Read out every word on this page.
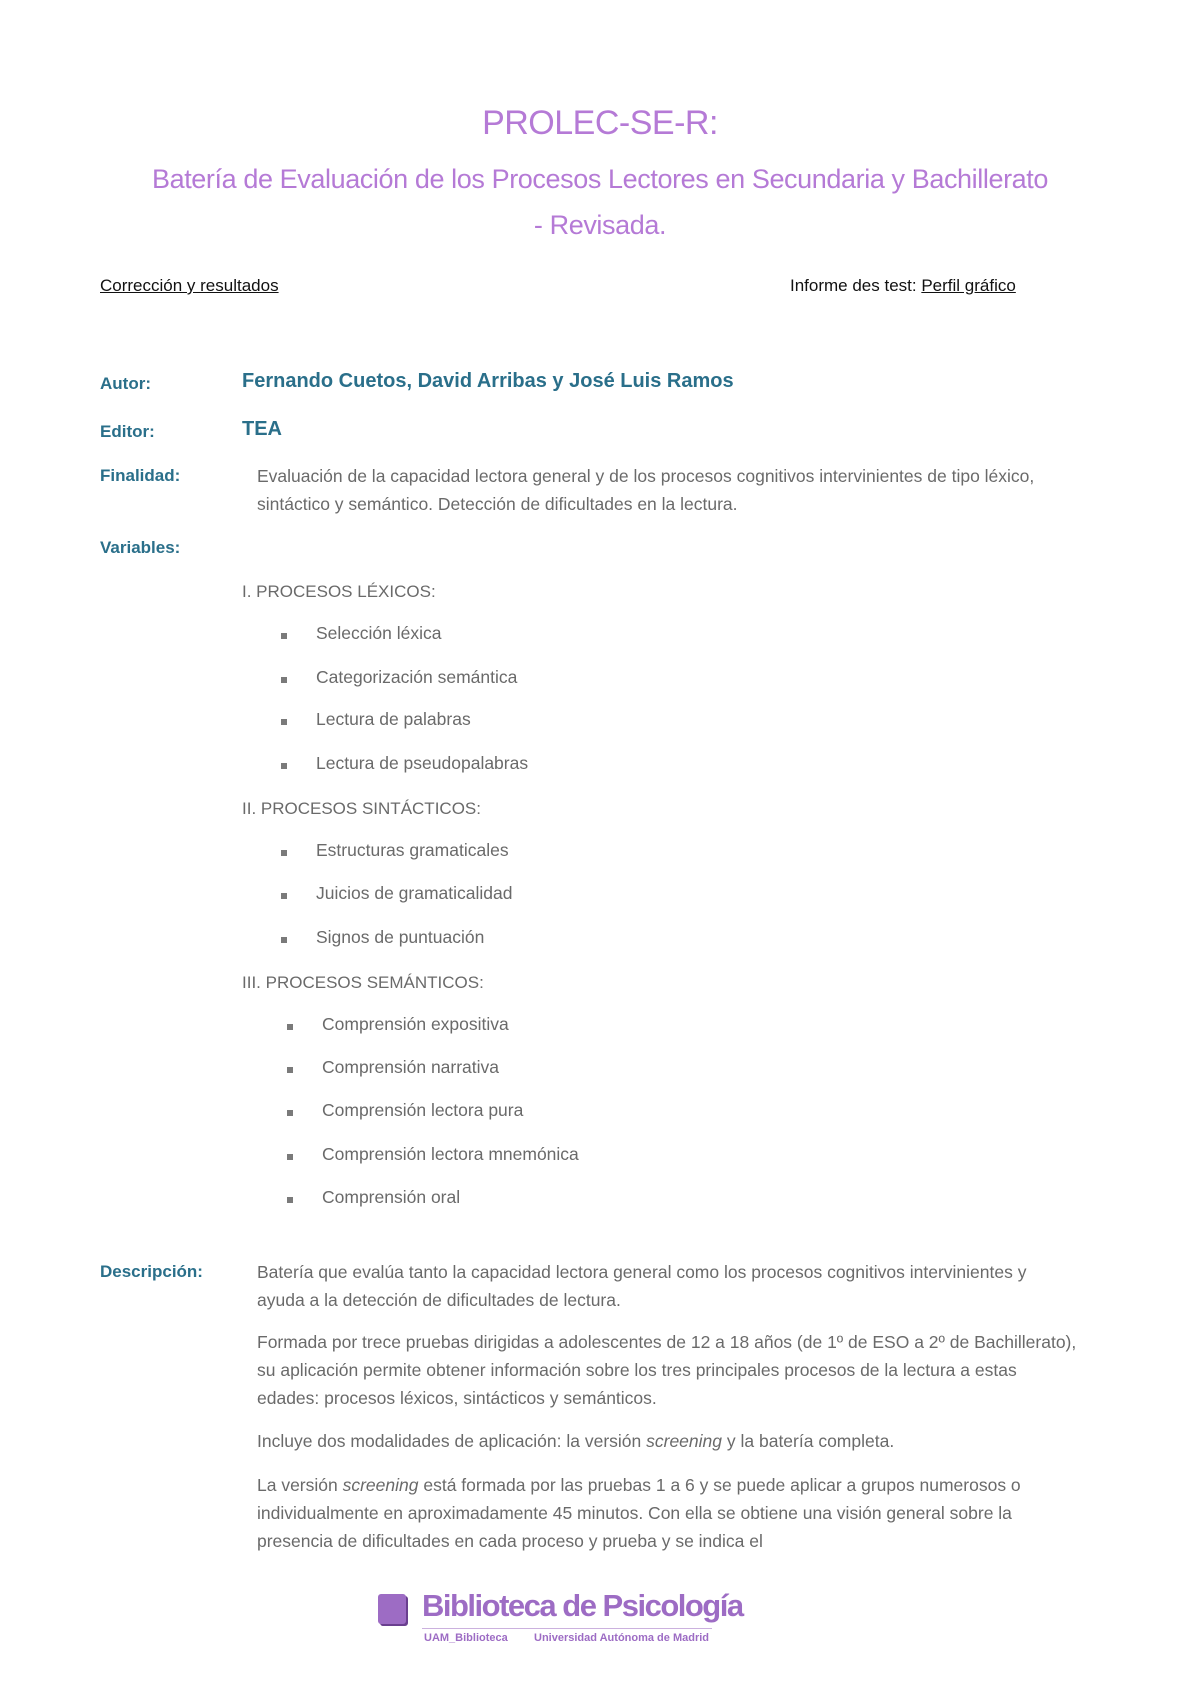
PROLEC-SE-R:
Batería de Evaluación de los Procesos Lectores en Secundaria y Bachillerato
- Revisada.
Corrección y resultados	Informe des test: Perfil gráfico
Autor:	Fernando Cuetos, David Arribas y José Luis Ramos
Editor:	TEA
Finalidad:	Evaluación de la capacidad lectora general y de los procesos cognitivos intervinientes de tipo léxico, sintáctico y semántico. Detección de dificultades en la lectura.
Variables:
I. PROCESOS LÉXICOS:
Selección léxica
Categorización semántica
Lectura de palabras
Lectura de pseudopalabras
II. PROCESOS SINTÁCTICOS:
Estructuras gramaticales
Juicios de gramaticalidad
Signos de puntuación
III. PROCESOS SEMÁNTICOS:
Comprensión expositiva
Comprensión narrativa
Comprensión lectora pura
Comprensión lectora mnemónica
Comprensión oral
Descripción:	Batería que evalúa tanto la capacidad lectora general como los procesos cognitivos intervinientes y ayuda a la detección de dificultades de lectura.
Formada por trece pruebas dirigidas a adolescentes de 12 a 18 años (de 1º de ESO a 2º de Bachillerato), su aplicación permite obtener información sobre los tres principales procesos de la lectura a estas edades: procesos léxicos, sintácticos y semánticos.
Incluye dos modalidades de aplicación: la versión screening y la batería completa.
La versión screening está formada por las pruebas 1 a 6 y se puede aplicar a grupos numerosos o individualmente en aproximadamente 45 minutos. Con ella se obtiene una visión general sobre la presencia de dificultades en cada proceso y prueba y se indica el
Biblioteca de Psicología
UAM_Biblioteca Universidad Autónoma de Madrid
